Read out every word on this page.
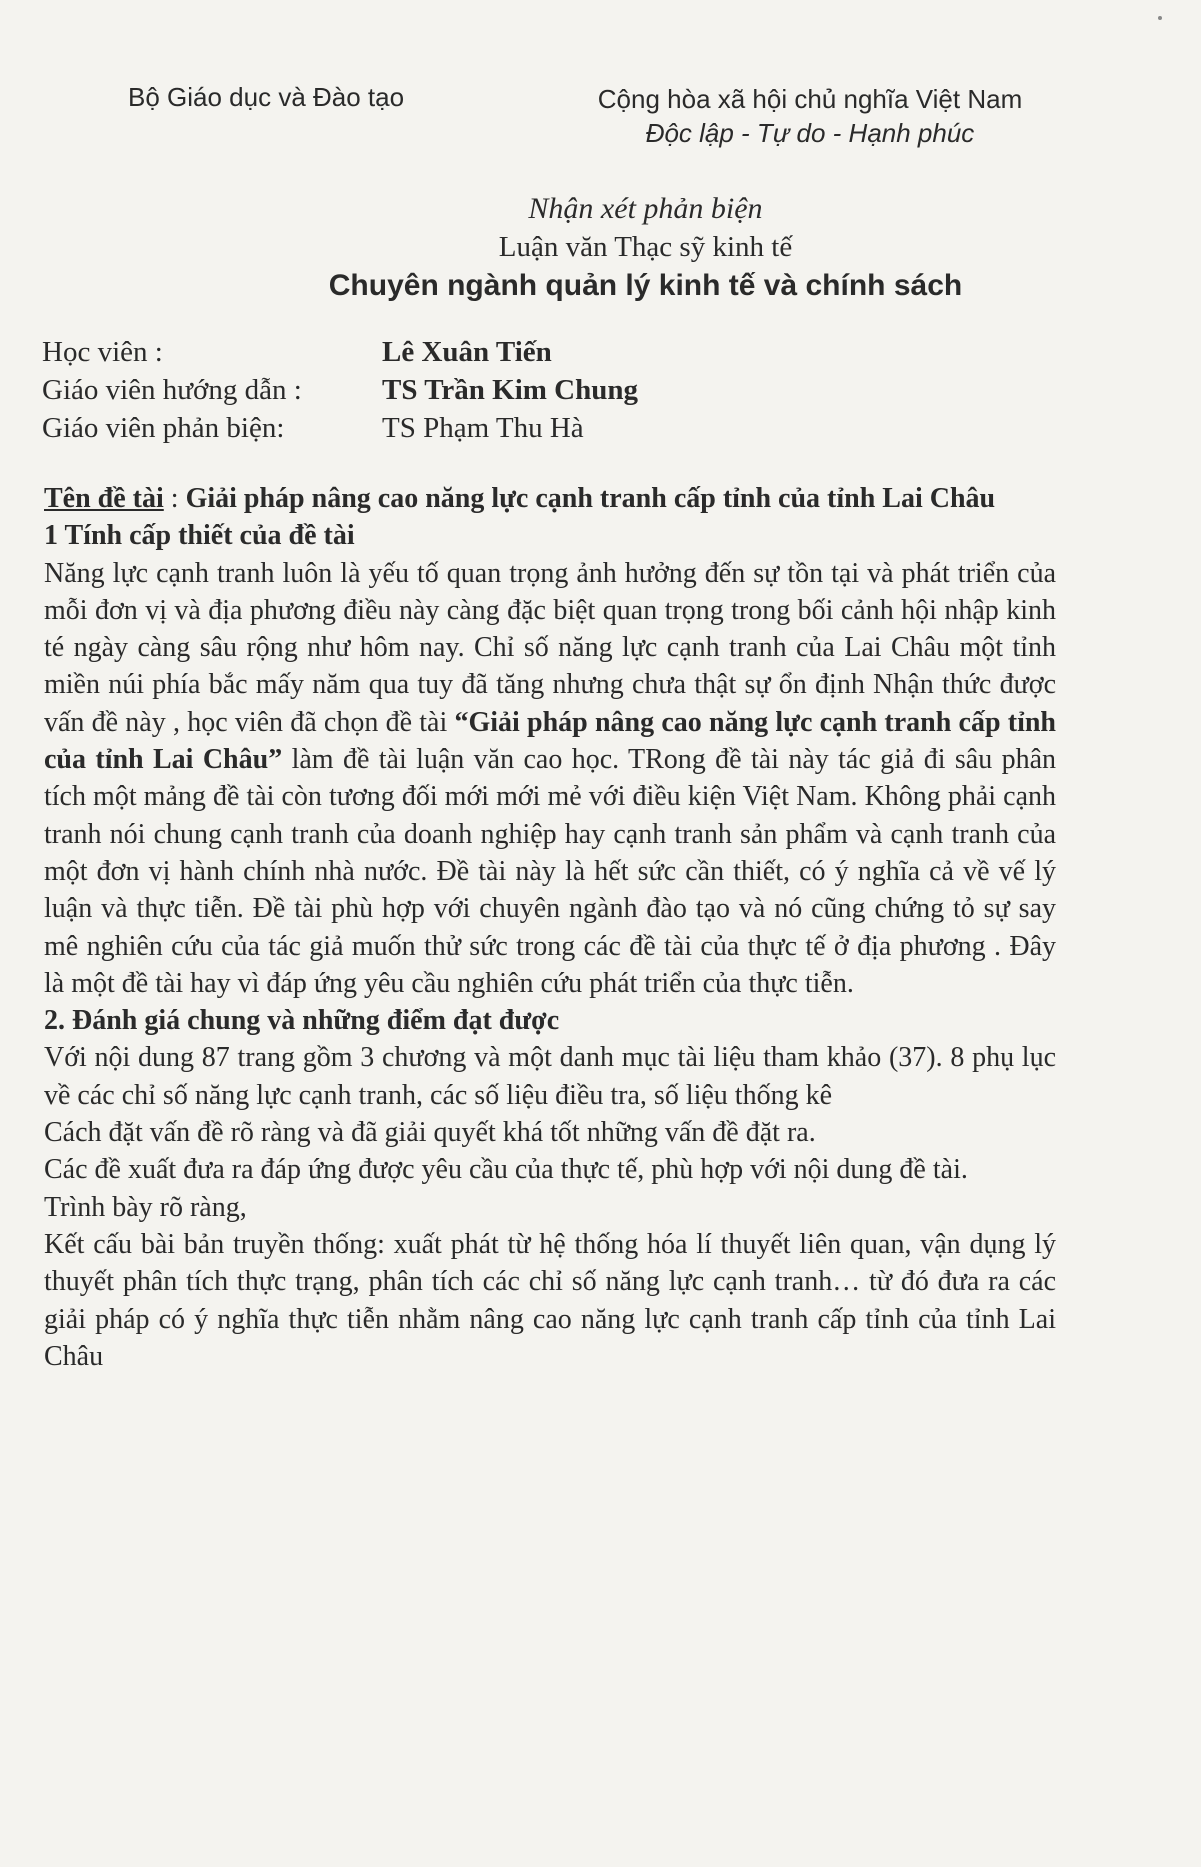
Bộ Giáo dục và Đào tạo	Cộng hòa xã hội chủ nghĩa Việt Nam
Độc lập - Tự do - Hạnh phúc
Nhận xét phản biện
Luận văn Thạc sỹ kinh tế
Chuyên ngành quản lý kinh tế và chính sách
Học viên :	Lê Xuân Tiến
Giáo viên hướng dẫn :	TS Trần Kim Chung
Giáo viên phản biện:	TS Phạm Thu Hà

Tên đề tài : Giải pháp nâng cao năng lực cạnh tranh cấp tỉnh của tỉnh Lai Châu

1 Tính cấp thiết của đề tài

Năng lực cạnh tranh luôn là yếu tố quan trọng ảnh hưởng đến sự tồn tại và phát triển của mỗi đơn vị và địa phương điều này càng đặc biệt quan trọng trong bối cảnh hội nhập kinh té ngày càng sâu rộng như hôm nay. Chỉ số năng lực cạnh tranh của Lai Châu một tỉnh miền núi phía bắc mấy năm qua tuy đã tăng nhưng chưa thật sự ổn định Nhận thức được vấn đề này , học viên đã chọn đề tài “Giải pháp nâng cao năng lực cạnh tranh cấp tỉnh của tỉnh Lai Châu” làm đề tài luận văn cao học. TRong đề tài này tác giả đi sâu phân tích một mảng đề tài còn tương đối mới mới mẻ với điều kiện Việt Nam. Không phải cạnh tranh nói chung cạnh tranh của doanh nghiệp hay cạnh tranh sản phẩm và cạnh tranh của một đơn vị hành chính nhà nước. Đề tài này là hết sức cần thiết, có ý nghĩa cả về vế lý luận và thực tiễn. Đề tài phù hợp với chuyên ngành đào tạo và nó cũng chứng tỏ sự say mê nghiên cứu của tác giả muốn thử sức trong các đề tài của thực tế ở địa phương . Đây là một đề tài hay vì đáp ứng yêu cầu nghiên cứu phát triển của thực tiễn.

2. Đánh giá chung và những điểm đạt được

Với nội dung 87 trang gồm 3 chương và một danh mục tài liệu tham khảo (37). 8 phụ lục về các chỉ số năng lực cạnh tranh, các số liệu điều tra, số liệu thống kê

Cách đặt vấn đề rõ ràng và đã giải quyết khá tốt những vấn đề đặt ra.

Các đề xuất đưa ra đáp ứng được yêu cầu của thực tế, phù hợp với nội dung đề tài.

Trình bày rõ ràng,

Kết cấu bài bản truyền thống: xuất phát từ hệ thống hóa lí thuyết liên quan, vận dụng lý thuyết phân tích thực trạng, phân tích các chỉ số năng lực cạnh tranh… từ đó đưa ra các giải pháp có ý nghĩa thực tiễn nhằm nâng cao năng lực cạnh tranh cấp tỉnh của tỉnh Lai Châu
